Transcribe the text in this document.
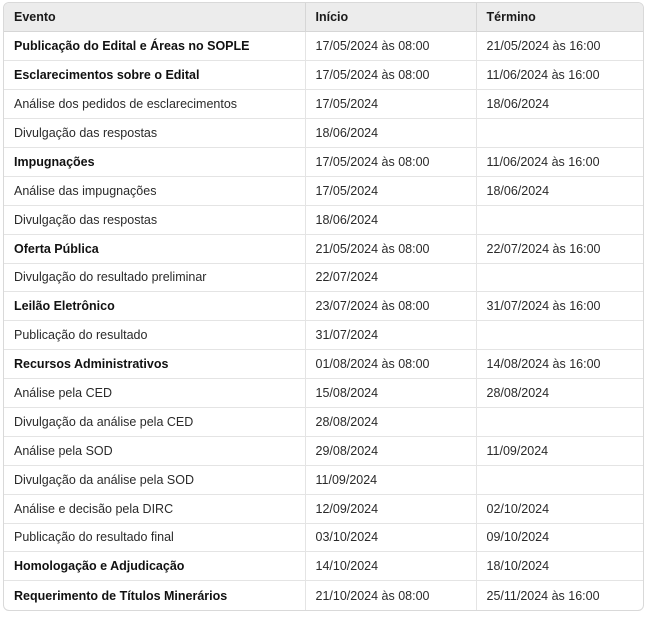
Evento	Início	Término
Publicação do Edital e Áreas no SOPLE	17/05/2024 às 08:00	21/05/2024 às 16:00
Esclarecimentos sobre o Edital	17/05/2024 às 08:00	11/06/2024 às 16:00
Análise dos pedidos de esclarecimentos	17/05/2024	18/06/2024
Divulgação das respostas	18/06/2024	
Impugnações	17/05/2024 às 08:00	11/06/2024 às 16:00
Análise das impugnações	17/05/2024	18/06/2024
Divulgação das respostas	18/06/2024	
Oferta Pública	21/05/2024 às 08:00	22/07/2024 às 16:00
Divulgação do resultado preliminar	22/07/2024	
Leilão Eletrônico	23/07/2024 às 08:00	31/07/2024 às 16:00
Publicação do resultado	31/07/2024	
Recursos Administrativos	01/08/2024 às 08:00	14/08/2024 às 16:00
Análise pela CED	15/08/2024	28/08/2024
Divulgação da análise pela CED	28/08/2024	
Análise pela SOD	29/08/2024	11/09/2024
Divulgação da análise pela SOD	11/09/2024	
Análise e decisão pela DIRC	12/09/2024	02/10/2024
Publicação do resultado final	03/10/2024	09/10/2024
Homologação e Adjudicação	14/10/2024	18/10/2024
Requerimento de Títulos Minerários	21/10/2024 às 08:00	25/11/2024 às 16:00
